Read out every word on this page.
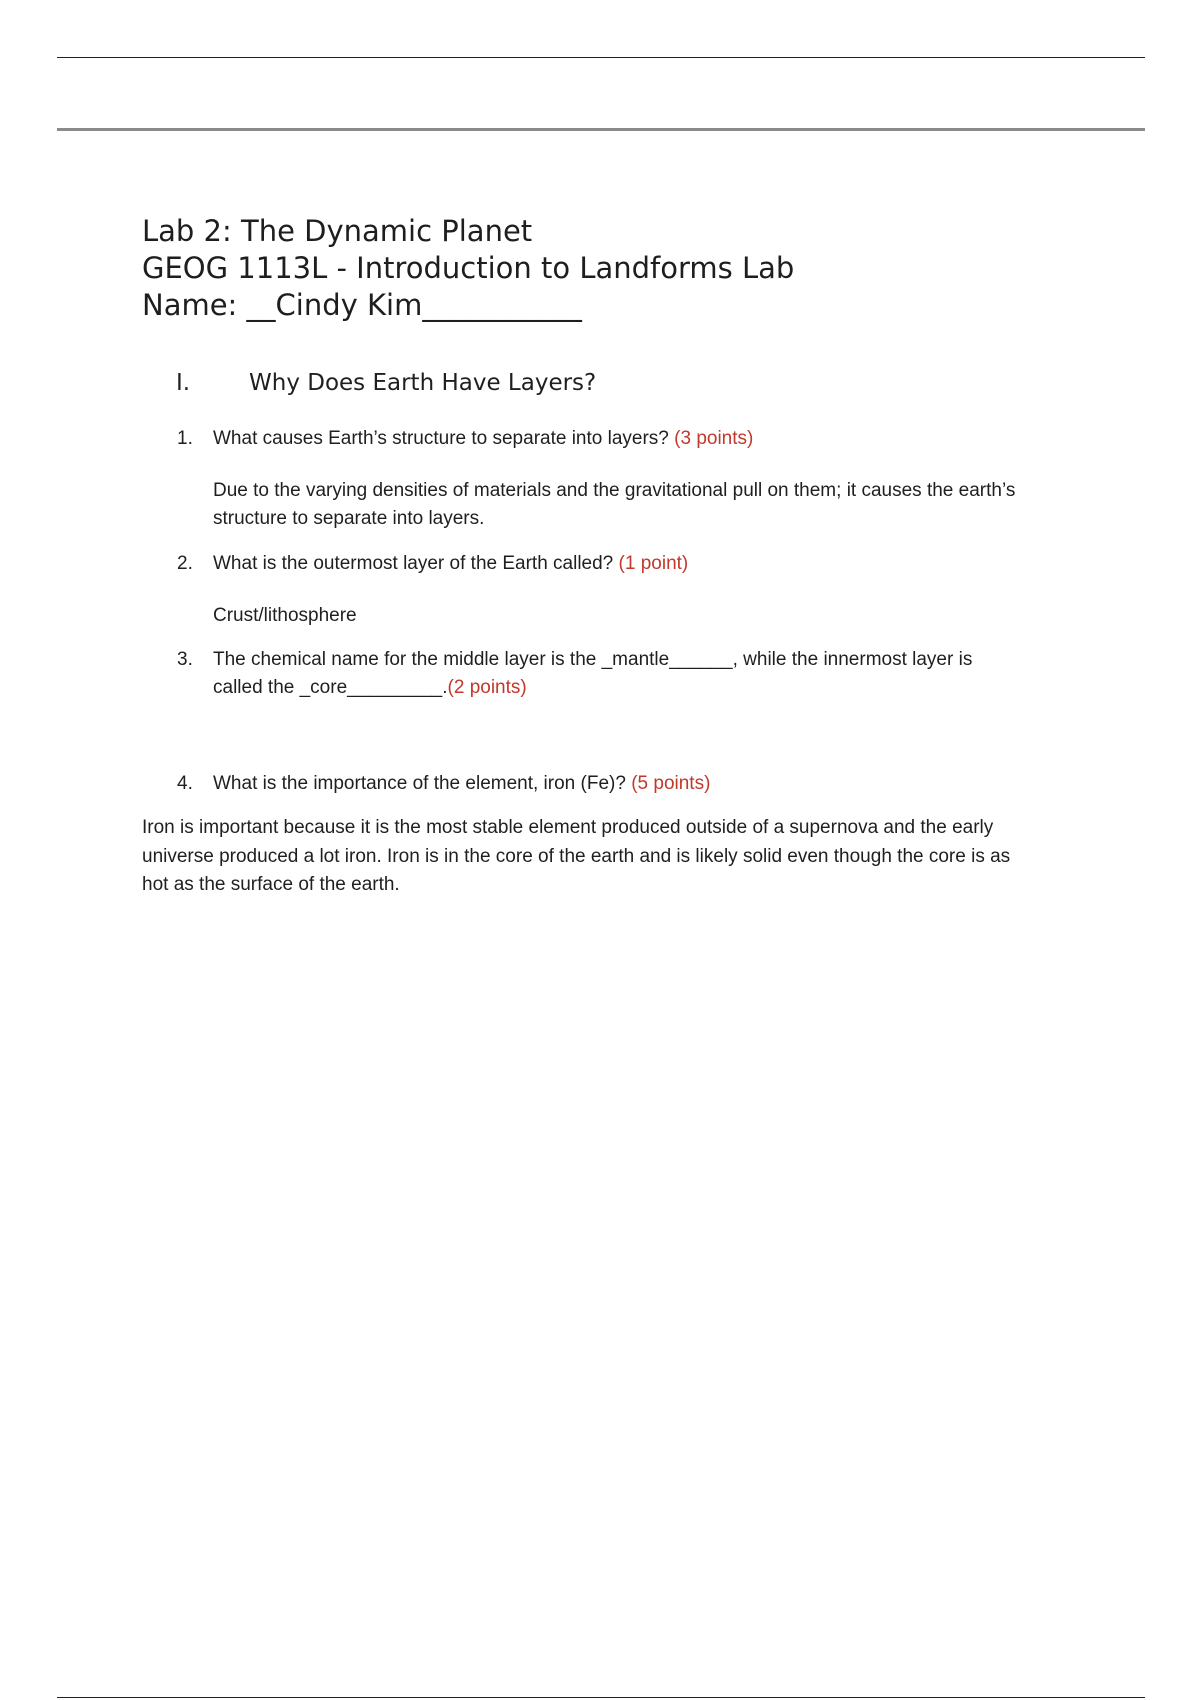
Lab 2: The Dynamic Planet
GEOG 1113L - Introduction to Landforms Lab
Name: __Cindy Kim___________
I.	Why Does Earth Have Layers?
1. What causes Earth’s structure to separate into layers? (3 points)
Due to the varying densities of materials and the gravitational pull on them; it causes the earth’s
structure to separate into layers.
2. What is the outermost layer of the Earth called? (1 point)
Crust/lithosphere
3. The chemical name for the middle layer is the _mantle______, while the innermost layer is
called the _core_________.(2 points)
4. What is the importance of the element, iron (Fe)? (5 points)
Iron is important because it is the most stable element produced outside of a supernova and the early
universe produced a lot iron. Iron is in the core of the earth and is likely solid even though the core is as
hot as the surface of the earth.
